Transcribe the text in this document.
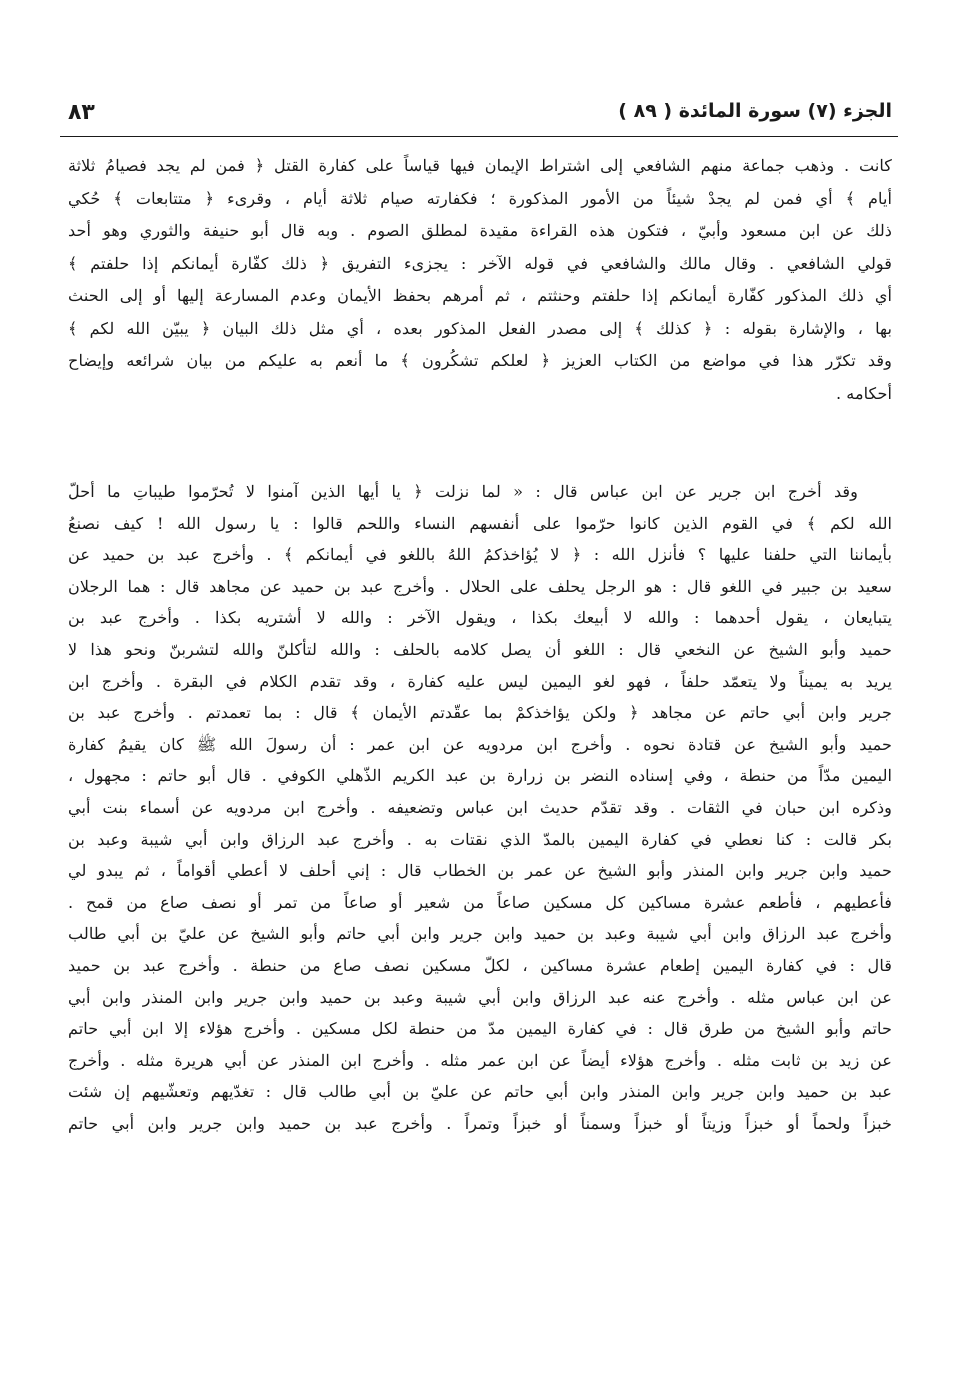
الجزء (٧) سورة المائدة ( ٨٩ )
٨٣
كانت . وذهب جماعة منهم الشافعي إلى اشتراط الإيمان فيها قياساً على كفارة القتل ﴿ فمن لم يجد فصيامُ ثلاثة
أيام ﴾ أي فمن لم يجدْ شيئاً من الأمور المذكورة ؛ فكفارته صيام ثلاثة أيام ، وقرىء ﴿ متتابعات ﴾ حُكي
ذلك عن ابن مسعود وأبيّ ، فتكون هذه القراءة مقيدة لمطلق الصوم . وبه قال أبو حنيفة والثوري وهو أحد
قولي الشافعي . وقال مالك والشافعي في قوله الآخر : يجزىء التفريق ﴿ ذلك كفّارة أيمانكم إذا حلفتم ﴾
أي ذلك المذكور كفّارة أيمانكم إذا حلفتم وحنثتم ، ثم أمرهم بحفظ الأيمان وعدم المسارعة إليها أو إلى الحنث
بها ، والإشارة بقوله : ﴿ كذلك ﴾ إلى مصدر الفعل المذكور بعده ، أي مثل ذلك البيان ﴿ يبيّن الله لكم ﴾
وقد تكرّر هذا في مواضع من الكتاب العزيز ﴿ لعلكم تشكُرون ﴾ ما أنعم به عليكم من بيان شرائعه وإيضاح
أحكامه .
وقد أخرج ابن جرير عن ابن عباس قال : « لما نزلت ﴿ يا أيها الذين آمنوا لا تُحرّموا طيباتِ ما أحلّ
الله لكم ﴾ في القوم الذين كانوا حرّموا على أنفسهم النساء واللحم قالوا : يا رسول الله ! كيف نصنعُ
بأيماننا التي حلفنا عليها ؟ فأنزل الله : ﴿ لا يُؤاخذكمُ اللهُ باللغو في أيمانكم ﴾ . وأخرج عبد بن حميد عن
سعيد بن جبير في اللغو قال : هو الرجل يحلف على الحلال . وأخرج عبد بن حميد عن مجاهد قال : هما الرجلان
يتبايعان ، يقول أحدهما : والله لا أبيعك بكذا ، ويقول الآخر : والله لا أشتريه بكذا . وأخرج عبد بن
حميد وأبو الشيخ عن النخعي قال : اللغو أن يصل كلامه بالحلف : والله لتأكلنّ والله لتشربنّ ونحو هذا لا
يريد به يميناً ولا يتعمّد حلفاً ، فهو لغو اليمين ليس عليه كفارة ، وقد تقدم الكلام في البقرة . وأخرج ابن
جرير وابن أبي حاتم عن مجاهد ﴿ ولكن يؤاخذكمْ بما عقّدتم الأيمان ﴾ قال : بما تعمدتم . وأخرج عبد بن
حميد وأبو الشيخ عن قتادة نحوه . وأخرج ابن مردويه عن ابن عمر : أن رسولَ الله ﷺ كان يقيمُ كفارة
اليمين مدّاً من حنطة ، وفي إسناده النضر بن زرارة بن عبد الكريم الذّهلي الكوفي . قال أبو حاتم : مجهول ،
وذكره ابن حبان في الثقات . وقد تقدّم حديث ابن عباس وتضعيفه . وأخرج ابن مردويه عن أسماء بنت أبي
بكر قالت : كنا نعطي في كفارة اليمين بالمدّ الذي نقتات به . وأخرج عبد الرزاق وابن أبي شيبة وعبد بن
حميد وابن جرير وابن المنذر وأبو الشيخ عن عمر بن الخطاب قال : إني أحلف لا أعطي أقواماً ، ثم يبدو لي
فأعطيهم ، فأطعم عشرة مساكين كل مسكين صاعاً من شعير أو صاعاً من تمر أو نصف صاع من قمح .
وأخرج عبد الرزاق وابن أبي شيبة وعبد بن حميد وابن جرير وابن أبي حاتم وأبو الشيخ عن عليّ بن أبي طالب
قال : في كفارة اليمين إطعام عشرة مساكين ، لكلّ مسكين نصف صاع من حنطة . وأخرج عبد بن حميد
عن ابن عباس مثله . وأخرج عنه عبد الرزاق وابن أبي شيبة وعبد بن حميد وابن جرير وابن المنذر وابن أبي
حاتم وأبو الشيخ من طرق قال : في كفارة اليمين مدّ من حنطة لكل مسكين . وأخرج هؤلاء إلا ابن أبي حاتم
عن زيد بن ثابت مثله . وأخرج هؤلاء أيضاً عن ابن عمر مثله . وأخرج ابن المنذر عن أبي هريرة مثله . وأخرج
عبد بن حميد وابن جرير وابن المنذر وابن أبي حاتم عن عليّ بن أبي طالب قال : تغدّيهم وتعشّيهم إن شئت
خبزاً ولحماً أو خبزاً وزيتاً أو خبزاً وسمناً أو خبزاً وتمراً . وأخرج عبد بن حميد وابن جرير وابن أبي حاتم
